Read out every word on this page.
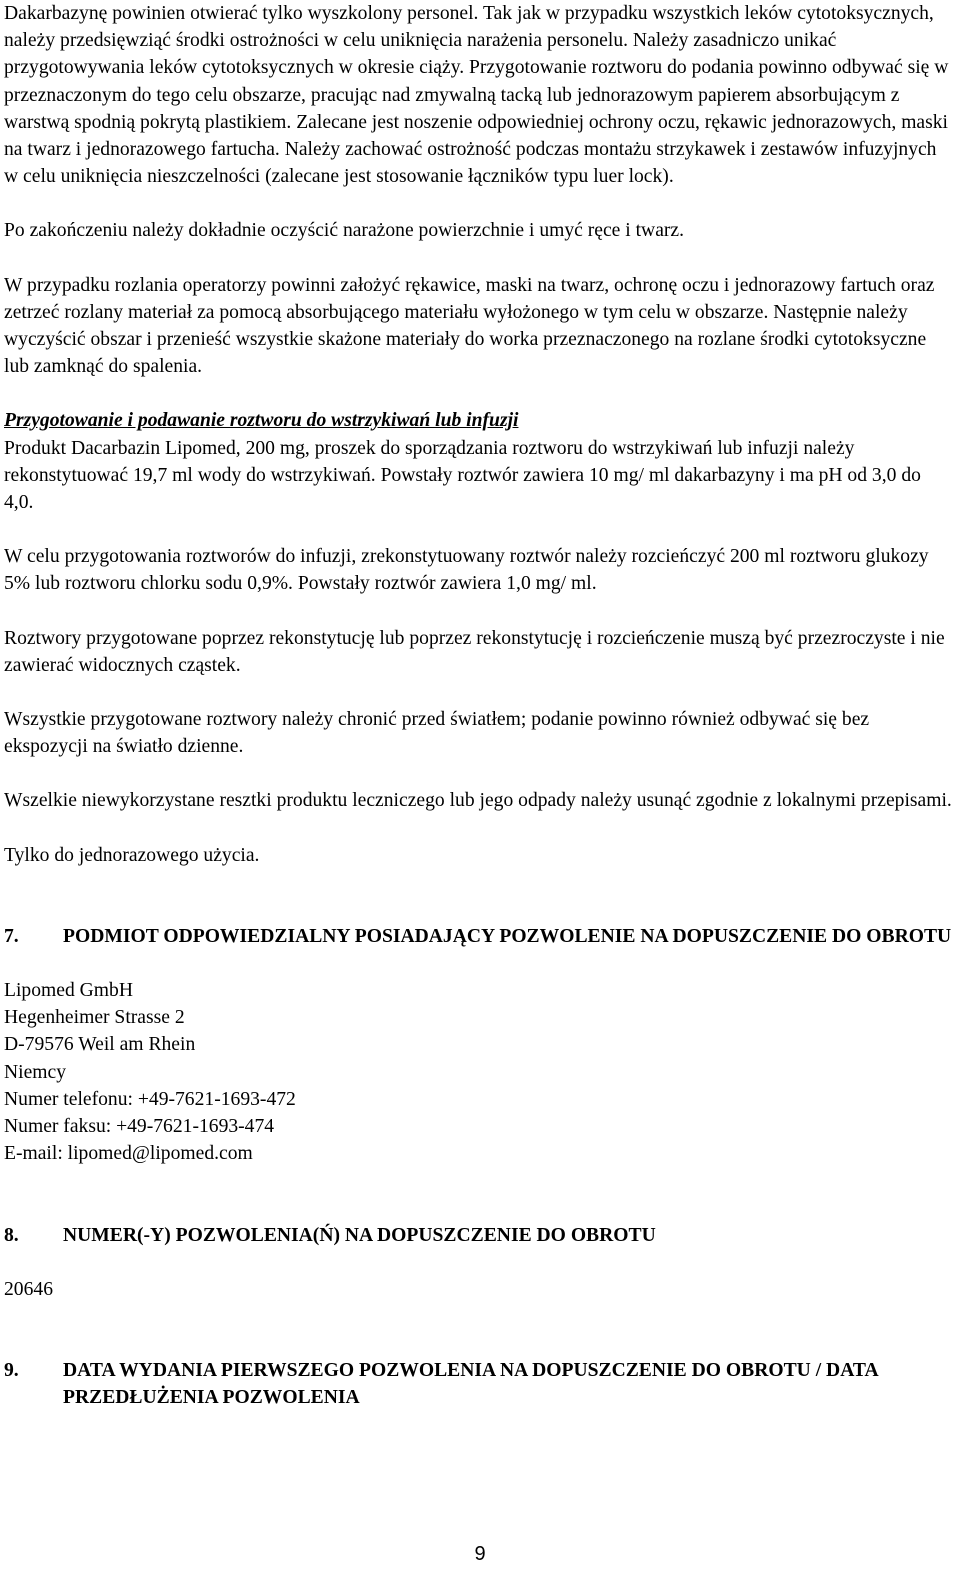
Dakarbazynę powinien otwierać tylko wyszkolony personel. Tak jak w przypadku wszystkich leków cytotoksycznych, należy przedsięwziąć środki ostrożności w celu uniknięcia narażenia personelu. Należy zasadniczo unikać przygotowywania leków cytotoksycznych w okresie ciąży. Przygotowanie roztworu do podania powinno odbywać się w przeznaczonym do tego celu obszarze, pracując nad zmywalną tacką lub jednorazowym papierem absorbującym z warstwą spodnią pokrytą plastikiem. Zalecane jest noszenie odpowiedniej ochrony oczu, rękawic jednorazowych, maski na twarz i jednorazowego fartucha. Należy zachować ostrożność podczas montażu strzykawek i zestawów infuzyjnych w celu uniknięcia nieszczelności (zalecane jest stosowanie łączników typu luer lock).

Po zakończeniu należy dokładnie oczyścić narażone powierzchnie i umyć ręce i twarz.

W przypadku rozlania operatorzy powinni założyć rękawice, maski na twarz, ochronę oczu i jednorazowy fartuch oraz zetrzeć rozlany materiał za pomocą absorbującego materiału wyłożonego w tym celu w obszarze. Następnie należy wyczyścić obszar i przenieść wszystkie skażone materiały do worka przeznaczonego na rozlane środki cytotoksyczne lub zamknąć do spalenia.

Przygotowanie i podawanie roztworu do wstrzykiwań lub infuzji

Produkt Dacarbazin Lipomed, 200 mg, proszek do sporządzania roztworu do wstrzykiwań lub infuzji należy rekonstytuować 19,7 ml wody do wstrzykiwań. Powstały roztwór zawiera 10 mg/ ml dakarbazyny i ma pH od 3,0 do 4,0.

W celu przygotowania roztworów do infuzji, zrekonstytuowany roztwór należy rozcieńczyć 200 ml roztworu glukozy 5% lub roztworu chlorku sodu 0,9%. Powstały roztwór zawiera 1,0 mg/ ml.

Roztwory przygotowane poprzez rekonstytucję lub poprzez rekonstytucję i rozcieńczenie muszą być przezroczyste i nie zawierać widocznych cząstek.

Wszystkie przygotowane roztwory należy chronić przed światłem; podanie powinno również odbywać się bez ekspozycji na światło dzienne.

Wszelkie niewykorzystane resztki produktu leczniczego lub jego odpady należy usunąć zgodnie z lokalnymi przepisami.

Tylko do jednorazowego użycia.

7.	PODMIOT ODPOWIEDZIALNY POSIADAJĄCY POZWOLENIE NA DOPUSZCZENIE DO OBROTU

Lipomed GmbH

Hegenheimer Strasse 2

D-79576 Weil am Rhein

Niemcy

Numer telefonu: +49-7621-1693-472

Numer faksu: +49-7621-1693-474

E-mail: lipomed@lipomed.com

8.	NUMER(-Y) POZWOLENIA(Ń) NA DOPUSZCZENIE DO OBROTU

20646

9.	DATA WYDANIA PIERWSZEGO POZWOLENIA NA DOPUSZCZENIE DO OBROTU / DATA PRZEDŁUŻENIA POZWOLENIA
9
